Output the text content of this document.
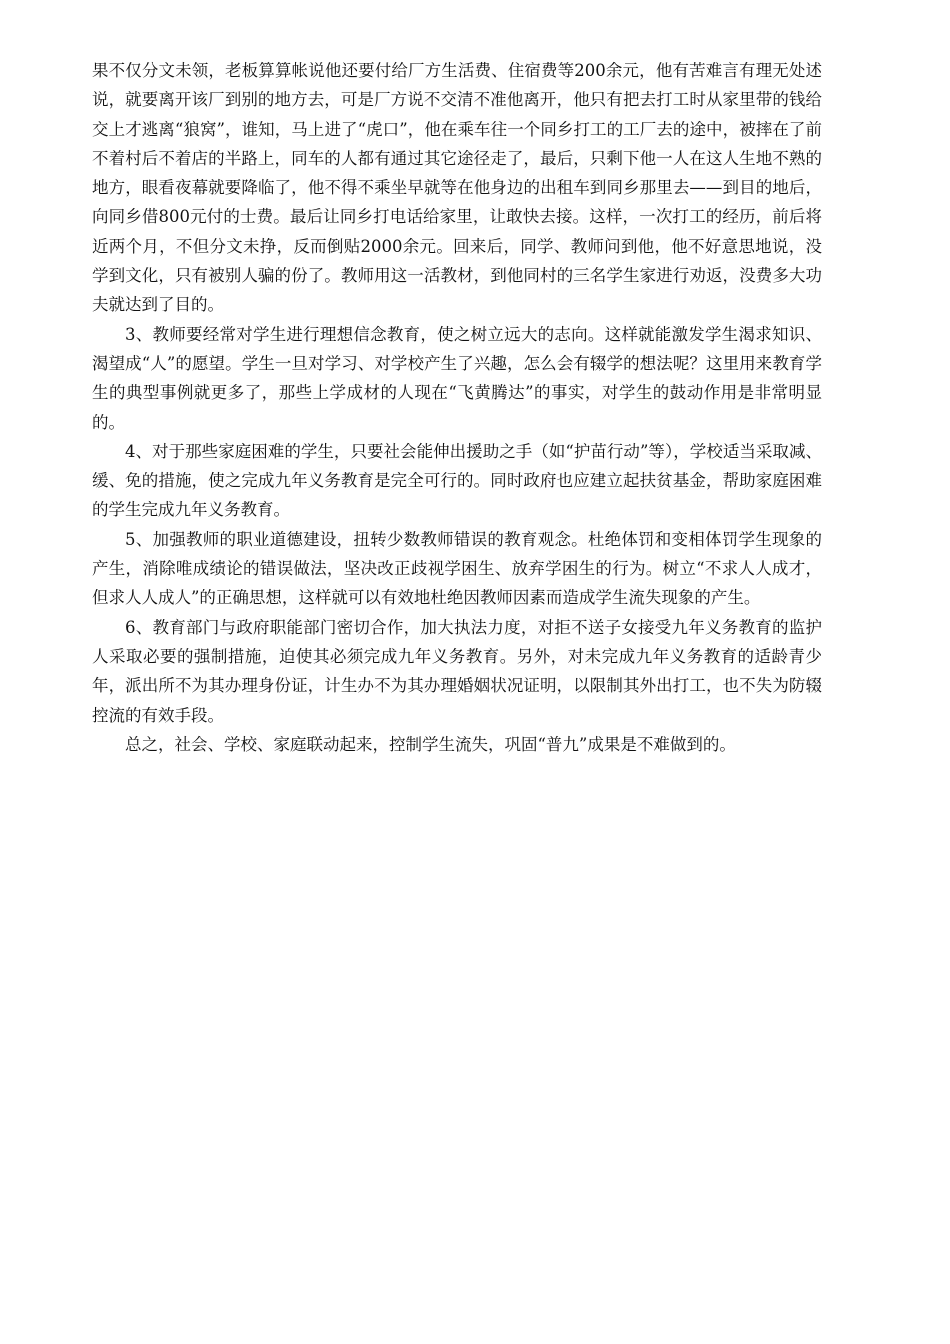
果不仅分文未领，老板算算帐说他还要付给厂方生活费、住宿费等200余元，他有苦难言有理无处述说，就要离开该厂到别的地方去，可是厂方说不交清不准他离开，他只有把去打工时从家里带的钱给交上才逃离“狼窝”，谁知，马上进了“虎口”，他在乘车往一个同乡打工的工厂去的途中，被摔在了前不着村后不着店的半路上，同车的人都有通过其它途径走了，最后，只剩下他一人在这人生地不熟的地方，眼看夜幕就要降临了，他不得不乘坐早就等在他身边的出租车到同乡那里去——到目的地后，向同乡借800元付的士费。最后让同乡打电话给家里，让敢快去接。这样，一次打工的经历，前后将近两个月，不但分文未挣，反而倒贴2000余元。回来后，同学、教师问到他，他不好意思地说，没学到文化，只有被别人骗的份了。教师用这一活教材，到他同村的三名学生家进行劝返，没费多大功夫就达到了目的。

3、教师要经常对学生进行理想信念教育，使之树立远大的志向。这样就能激发学生渴求知识、渴望成“人”的愿望。学生一旦对学习、对学校产生了兴趣，怎么会有辍学的想法呢？这里用来教育学生的典型事例就更多了，那些上学成材的人现在“飞黄腾达”的事实，对学生的鼓动作用是非常明显的。

4、对于那些家庭困难的学生，只要社会能伸出援助之手（如“护苗行动”等），学校适当采取减、缓、免的措施，使之完成九年义务教育是完全可行的。同时政府也应建立起扶贫基金，帮助家庭困难的学生完成九年义务教育。

5、加强教师的职业道德建设，扭转少数教师错误的教育观念。杜绝体罚和变相体罚学生现象的产生，消除唯成绩论的错误做法，坚决改正歧视学困生、放弃学困生的行为。树立“不求人人成才，但求人人成人”的正确思想，这样就可以有效地杜绝因教师因素而造成学生流失现象的产生。

6、教育部门与政府职能部门密切合作，加大执法力度，对拒不送子女接受九年义务教育的监护人采取必要的强制措施，迫使其必须完成九年义务教育。另外，对未完成九年义务教育的适龄青少年，派出所不为其办理身份证，计生办不为其办理婚姻状况证明，以限制其外出打工，也不失为防辍控流的有效手段。

总之，社会、学校、家庭联动起来，控制学生流失，巩固“普九”成果是不难做到的。
